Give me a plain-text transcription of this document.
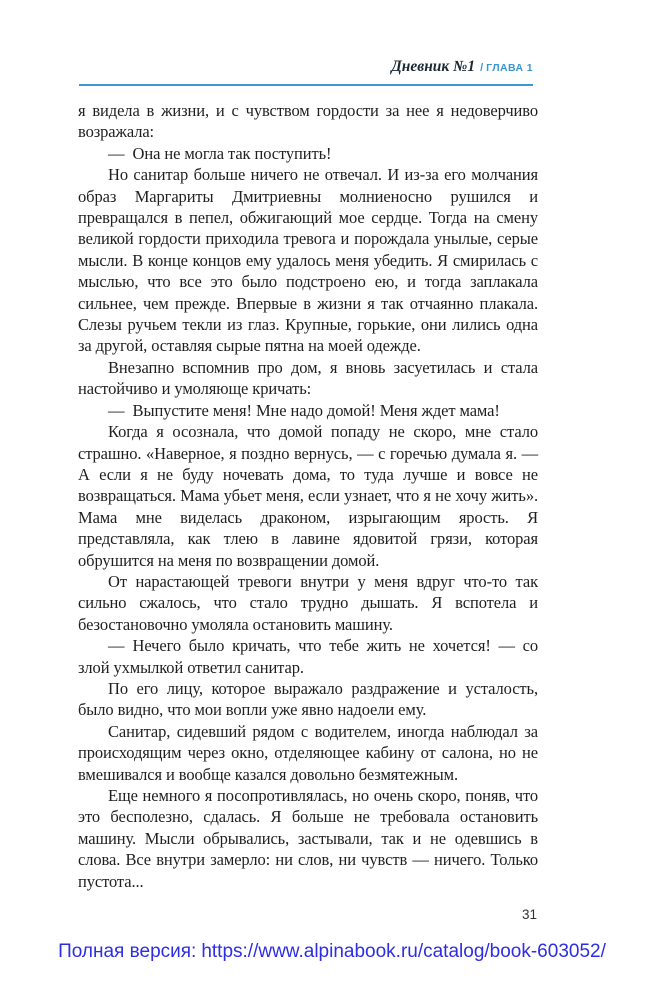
Дневник №1 / ГЛАВА 1

я видела в жизни, и с чувством гордости за нее я недоверчиво возражала:

— Она не могла так поступить!

Но санитар больше ничего не отвечал. И из-за его молчания образ Маргариты Дмитриевны молниеносно рушился и превращался в пепел, обжигающий мое сердце. Тогда на смену великой гордости приходила тревога и порождала унылые, серые мысли. В конце концов ему удалось меня убедить. Я смирилась с мыслью, что все это было подстроено ею, и тогда заплакала сильнее, чем прежде. Впервые в жизни я так отчаянно плакала. Слезы ручьем текли из глаз. Крупные, горькие, они лились одна за другой, оставляя сырые пятна на моей одежде.

Внезапно вспомнив про дом, я вновь засуетилась и стала настойчиво и умоляюще кричать:

— Выпустите меня! Мне надо домой! Меня ждет мама!

Когда я осознала, что домой попаду не скоро, мне стало страшно. «Наверное, я поздно вернусь, — с горечью думала я. — А если я не буду ночевать дома, то туда лучше и вовсе не возвращаться. Мама убьет меня, если узнает, что я не хочу жить». Мама мне виделась драконом, изрыгающим ярость. Я представляла, как тлею в лавине ядовитой грязи, которая обрушится на меня по возвращении домой.

От нарастающей тревоги внутри у меня вдруг что-то так сильно сжалось, что стало трудно дышать. Я вспотела и безостановочно умоляла остановить машину.

— Нечего было кричать, что тебе жить не хочется! — со злой ухмылкой ответил санитар.

По его лицу, которое выражало раздражение и усталость, было видно, что мои вопли уже явно надоели ему.

Санитар, сидевший рядом с водителем, иногда наблюдал за происходящим через окно, отделяющее кабину от салона, но не вмешивался и вообще казался довольно безмятежным.

Еще немного я посопротивлялась, но очень скоро, поняв, что это бесполезно, сдалась. Я больше не требовала остановить машину. Мысли обрывались, застывали, так и не одевшись в слова. Все внутри замерло: ни слов, ни чувств — ничего. Только пустота...

31
Полная версия: https://www.alpinabook.ru/catalog/book-603052/
